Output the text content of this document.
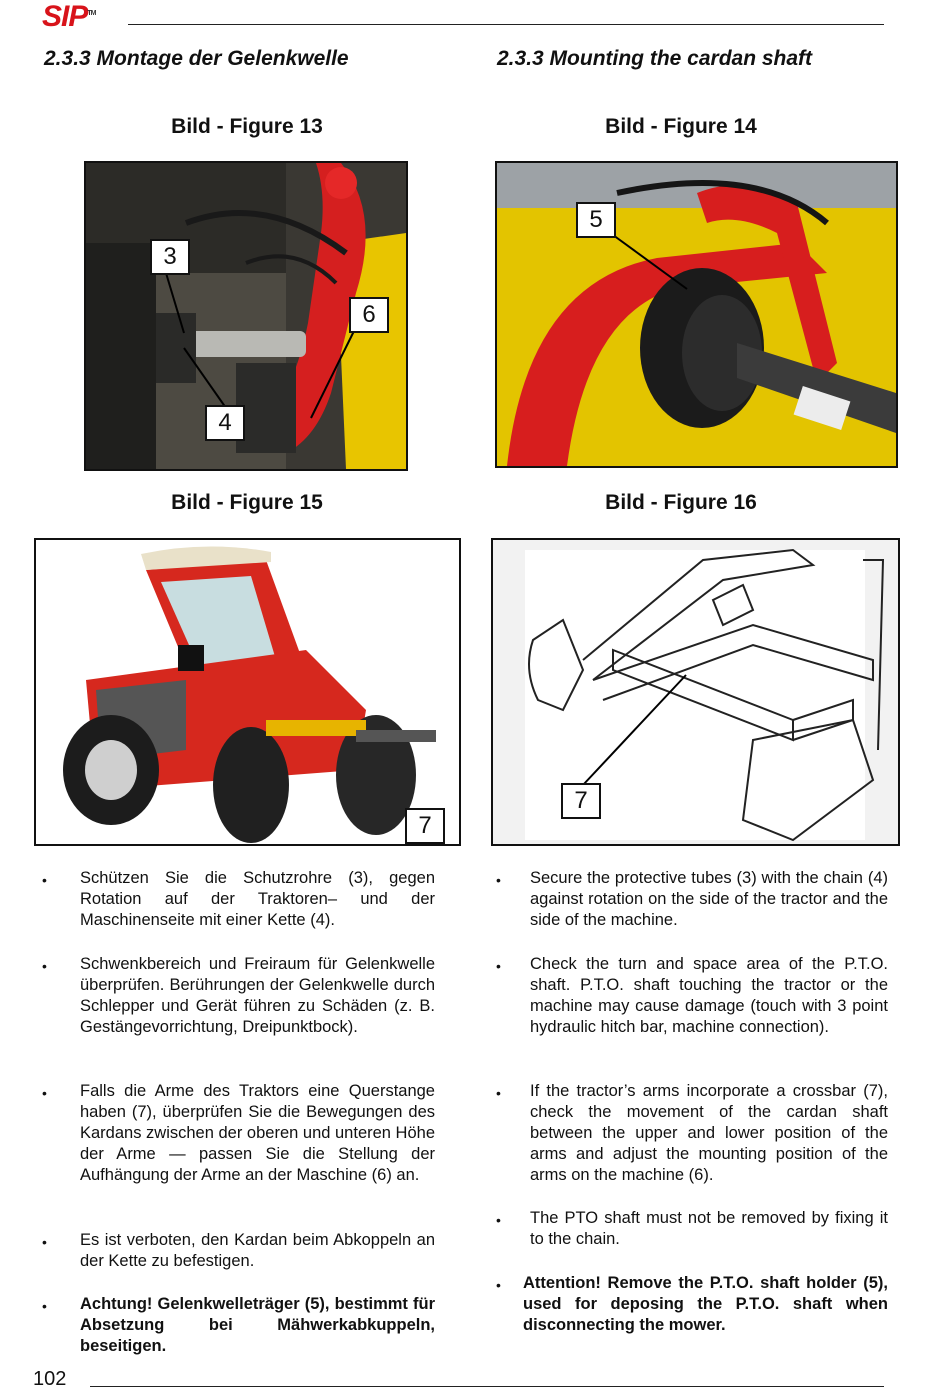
SIP™
2.3.3 Montage der Gelenkwelle	2.3.3 Mounting the cardan shaft
Bild - Figure 13	Bild - Figure 14
Bild - Figure 15	Bild - Figure 16
3
6
4
5
7
7
• Schützen Sie die Schutzrohre (3), gegen Rotation auf der Traktoren– und der Maschinenseite mit einer Kette (4).
• Schwenkbereich und Freiraum für Gelenkwelle überprüfen. Berührungen der Gelenkwelle durch Schlepper und Gerät führen zu Schäden (z. B. Gestängevorrichtung, Dreipunktbock).
• Falls die Arme des Traktors eine Querstange haben (7), überprüfen Sie die Bewegungen des Kardans zwischen der oberen und unteren Höhe der Arme — passen Sie die Stellung der Aufhängung der Arme an der Maschine (6) an.
• Es ist verboten, den Kardan beim Abkoppeln an der Kette zu befestigen.
• Achtung! Gelenkwelleträger (5), bestimmt für Absetzung bei Mähwerkabkuppeln, beseitigen.
• Secure the protective tubes (3) with the chain (4) against rotation on the side of the tractor and the side of the machine.
• Check the turn and space area of the P.T.O. shaft. P.T.O. shaft touching the tractor or the machine may cause damage (touch with 3 point hydraulic hitch bar, machine connection).
• If the tractor’s arms incorporate a crossbar (7), check the movement of the cardan shaft between the upper and lower position of the arms and adjust the mounting position of the arms on the machine (6).
• The PTO shaft must not be removed by fixing it to the chain.
• Attention! Remove the P.T.O. shaft holder (5), used for deposing the P.T.O. shaft when disconnecting the mower.
102
